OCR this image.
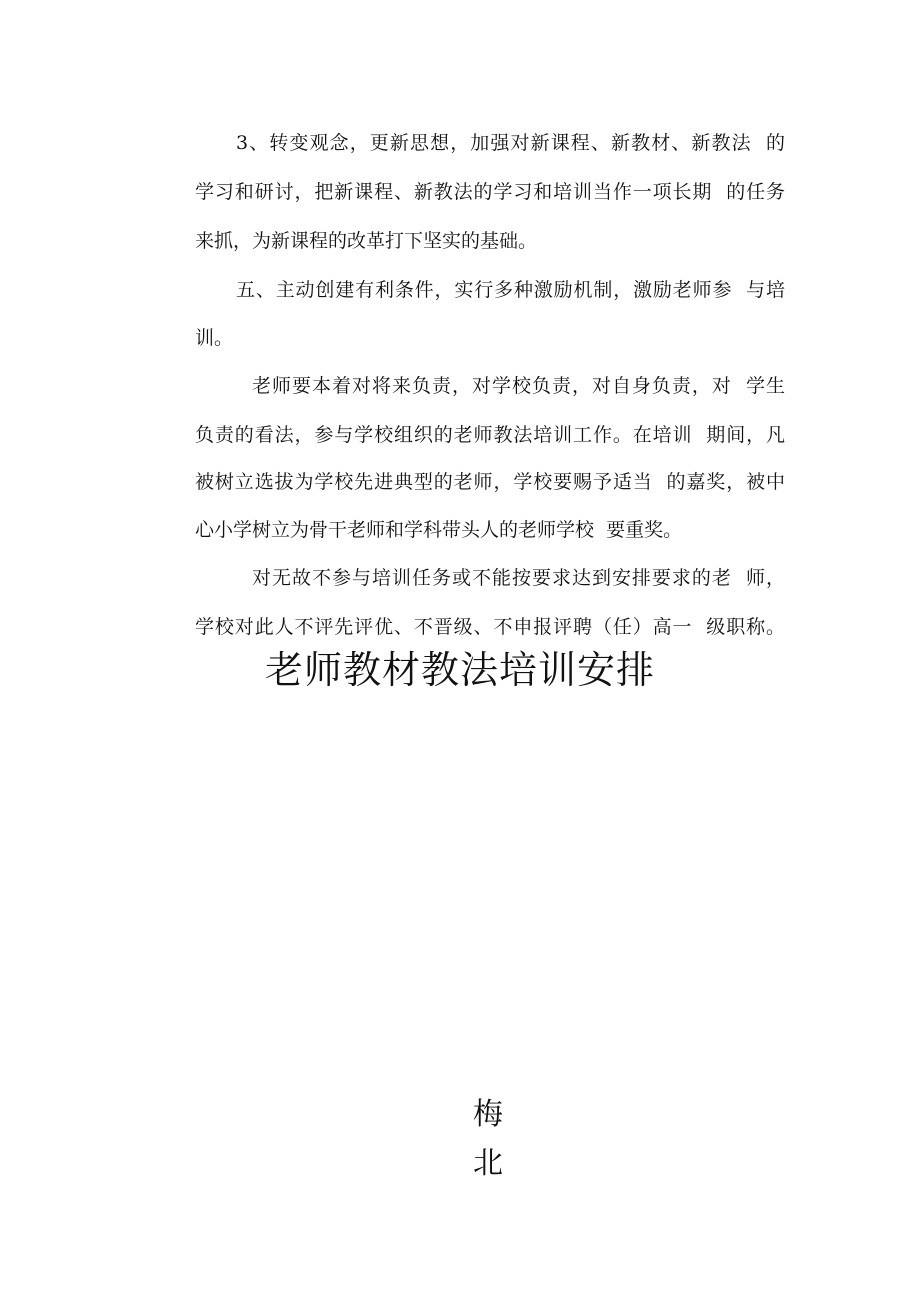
3、转变观念，更新思想，加强对新课程、新教材、新教法  的
学习和研讨，把新课程、新教法的学习和培训当作一项长期  的任务
来抓，为新课程的改革打下坚实的基础。
五、主动创建有利条件，实行多种激励机制，激励老师参  与培
训。
老师要本着对将来负责，对学校负责，对自身负责，对  学生
负责的看法，参与学校组织的老师教法培训工作。在培训  期间，凡
被树立选拔为学校先进典型的老师，学校要赐予适当  的嘉奖，被中
心小学树立为骨干老师和学科带头人的老师学校  要重奖。
对无故不参与培训任务或不能按要求达到安排要求的老  师，
学校对此人不评先评优、不晋级、不申报评聘（任）高一  级职称。
老师教材教法培训安排
梅
北
